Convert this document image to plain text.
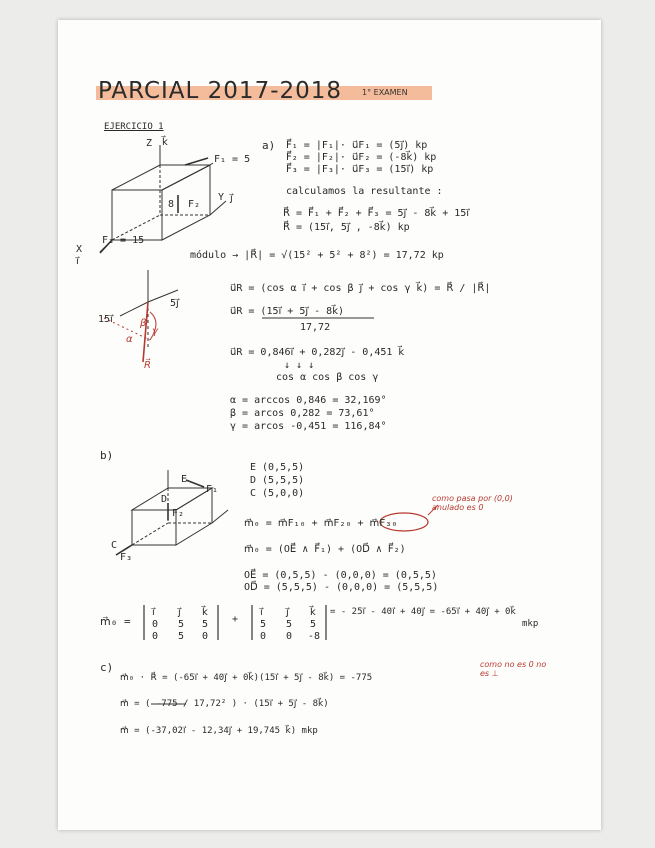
PARCIAL 2017-2018 1° EXAMEN
EJERCICIO 1
Z k⃗
F₁ = 5
Y j⃗
F₂
8
F₃ = 15
X
i⃗
a) F⃗₁ = |F₁|· u⃗F₁ = (5j⃗) kp
F⃗₂ = |F₂|· u⃗F₂ = (-8k⃗) kp
F⃗₃ = |F₃|· u⃗F₃ = (15i⃗) kp
calculamos la resultante :
R⃗ = F⃗₁ + F⃗₂ + F⃗₃ = 5j⃗ - 8k⃗ + 15i⃗
R⃗ = (15i⃗, 5j⃗ , -8k⃗) kp
módulo → |R⃗| = √(15² + 5² + 8²) = 17,72 kp
5j⃗
15i⃗	β
γ
α
R⃗
u⃗R = (cos α i⃗ + cos β j⃗ + cos γ k⃗) = R⃗ / |R⃗|
u⃗R = (15i⃗ + 5j⃗ - 8k⃗)
17,72
u⃗R = 0,846i⃗ + 0,282j⃗ - 0,451 k⃗
↓ ↓ ↓
cos α cos β cos γ
α = arccos 0,846 = 32,169°
β = arcos 0,282 = 73,61°
γ = arcos -0,451 = 116,84°
b)
E
F₁
D
F₂
C
F₃
E (0,5,5)
D (5,5,5)
C (5,0,0)	como pasa por (0,0) anulado es 0
m⃗₀ = m⃗F₁₀ + m⃗F₂₀ + m⃗F₃₀
m⃗₀ = (OE⃗ ∧ F⃗₁) + (OD⃗ ∧ F⃗₂)
OE⃗ = (0,5,5) - (0,0,0) = (0,5,5)
OD⃗ = (5,5,5) - (0,0,0) = (5,5,5)
m⃗₀ =
i⃗ j⃗ k⃗
0 5 5
0 5 0
+
i⃗ j⃗ k⃗
5 5 5
0 0 -8
= - 25i⃗ - 40i⃗ + 40j⃗ = -65i⃗ + 40j⃗ + 0k⃗
mkp
c)
m⃗₀ · R⃗ = (-65i⃗ + 40j⃗ + 0k⃗)(15i⃗ + 5j⃗ - 8k⃗) = -775
como no es 0 no es ⊥
m⃗ = ( -775 / 17,72² ) · (15i⃗ + 5j⃗ - 8k⃗)
m⃗ = (-37,02i⃗ - 12,34j⃗ + 19,745 k⃗) mkp
